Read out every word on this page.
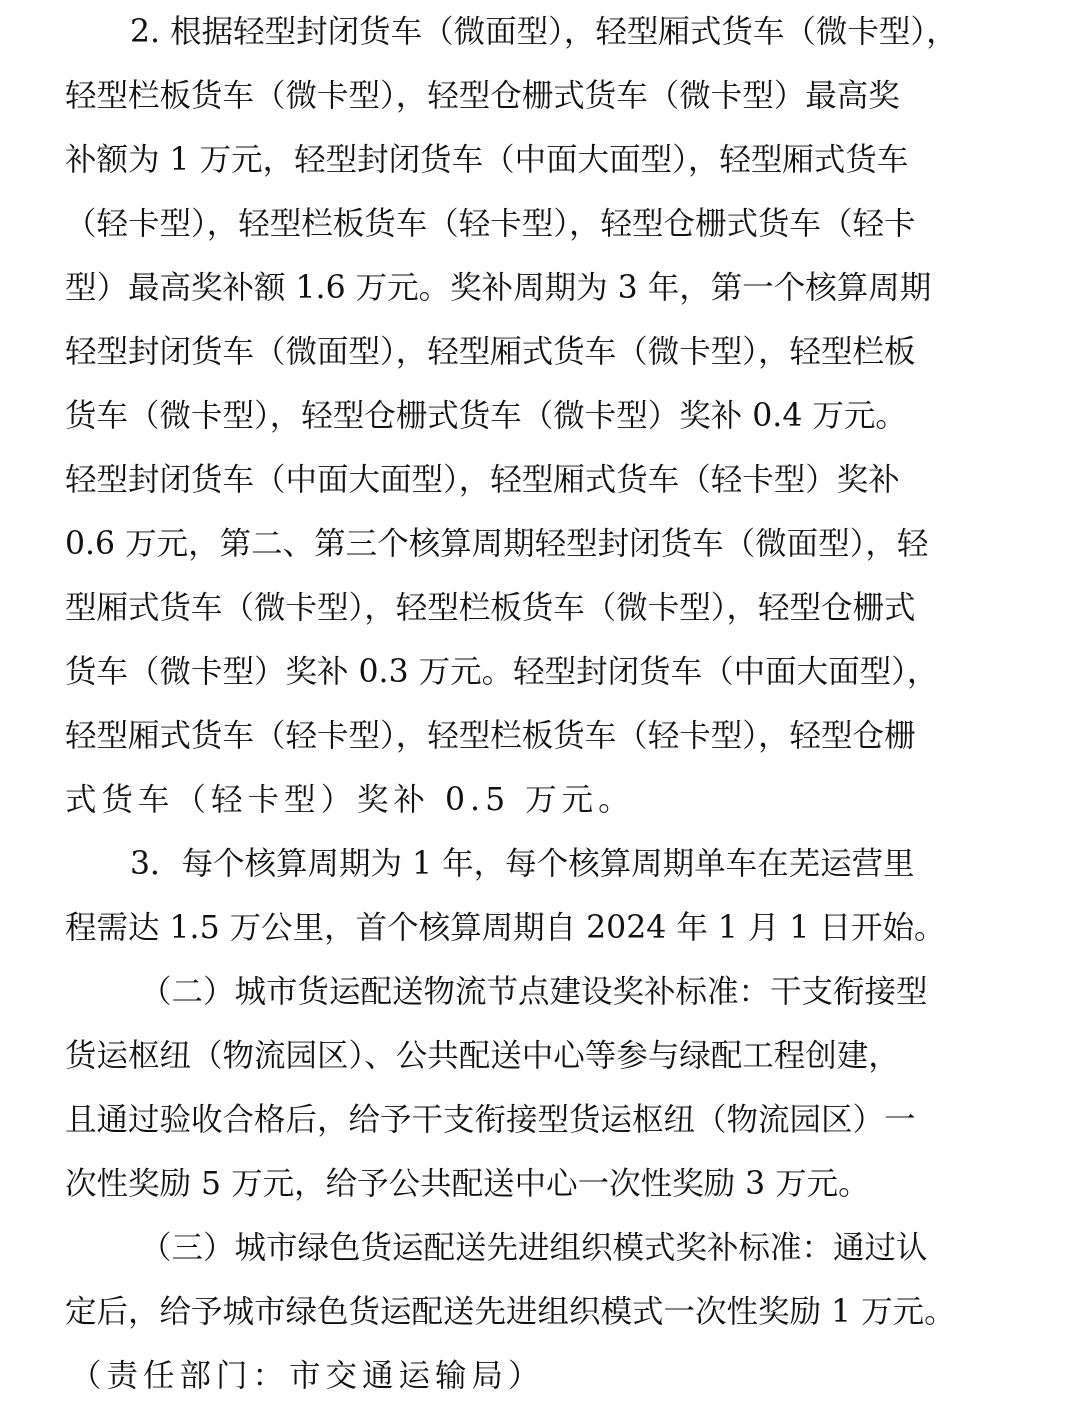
2. 根据轻型封闭货车（微面型），轻型厢式货车（微卡型），
轻型栏板货车（微卡型），轻型仓栅式货车（微卡型）最高奖
补额为 1 万元，轻型封闭货车（中面大面型），轻型厢式货车
（轻卡型），轻型栏板货车（轻卡型），轻型仓栅式货车（轻卡
型）最高奖补额 1.6 万元。奖补周期为 3 年，第一个核算周期
轻型封闭货车（微面型），轻型厢式货车（微卡型），轻型栏板
货车（微卡型），轻型仓栅式货车（微卡型）奖补 0.4 万元。
轻型封闭货车（中面大面型），轻型厢式货车（轻卡型）奖补
0.6 万元，第二、第三个核算周期轻型封闭货车（微面型），轻
型厢式货车（微卡型），轻型栏板货车（微卡型），轻型仓栅式
货车（微卡型）奖补 0.3 万元。轻型封闭货车（中面大面型），
轻型厢式货车（轻卡型），轻型栏板货车（轻卡型），轻型仓栅
式货车（轻卡型）奖补 0.5 万元。
3．每个核算周期为 1 年，每个核算周期单车在芜运营里
程需达 1.5 万公里，首个核算周期自 2024 年 1 月 1 日开始。
（二）城市货运配送物流节点建设奖补标准：干支衔接型
货运枢纽（物流园区）、公共配送中心等参与绿配工程创建，
且通过验收合格后，给予干支衔接型货运枢纽（物流园区）一
次性奖励 5 万元，给予公共配送中心一次性奖励 3 万元。
（三）城市绿色货运配送先进组织模式奖补标准：通过认
定后，给予城市绿色货运配送先进组织模式一次性奖励 1 万元。
（责任部门：市交通运输局）
